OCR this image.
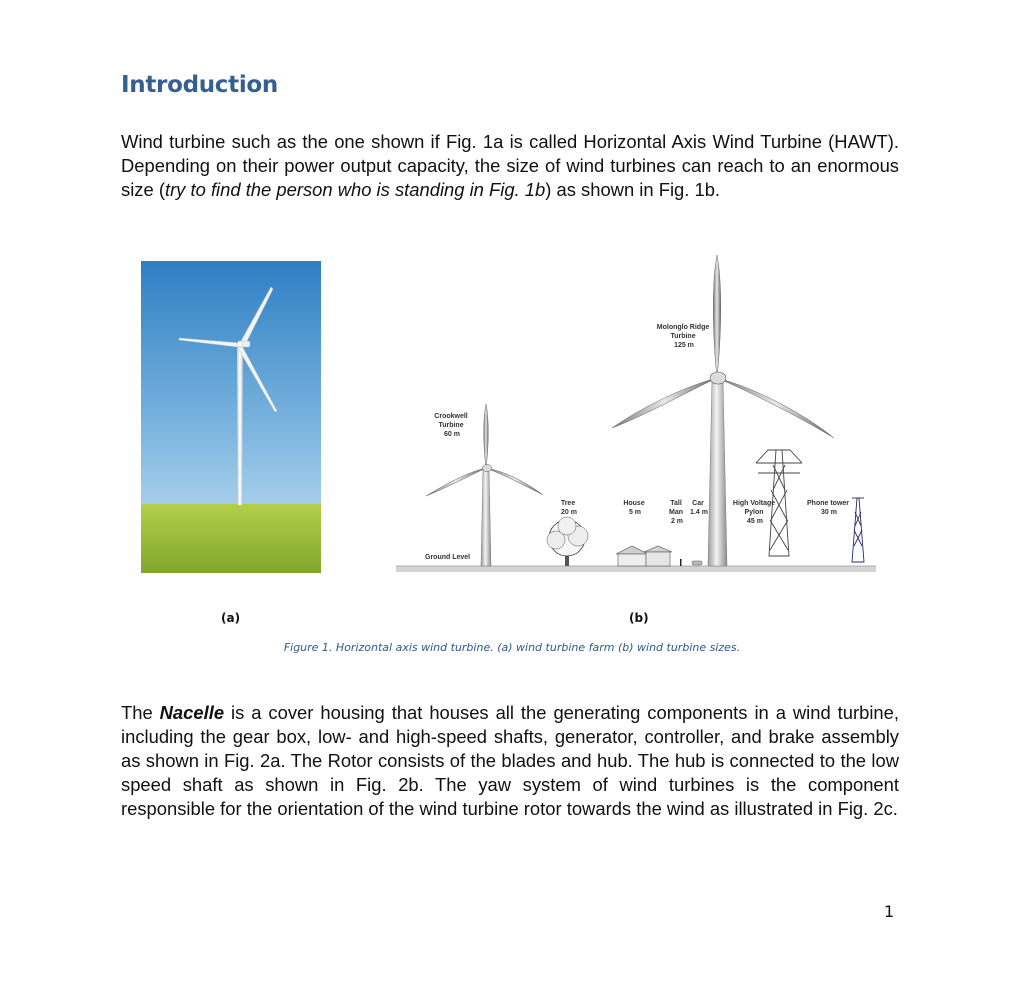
Introduction
Wind turbine such as the one shown if Fig. 1a is called Horizontal Axis Wind Turbine (HAWT). Depending on their power output capacity, the size of wind turbines can reach to an enormous size (try to find the person who is standing in Fig. 1b) as shown in Fig. 1b.
Molonglo Ridge Turbine 125 m
Crookwell Turbine 60 m
Tree 20 m
House 5 m
Tall Man 2 m
Car 1.4 m
High Voltage Pylon 45 m
Phone tower 30 m
Ground Level
(a)	(b)
Figure 1. Horizontal axis wind turbine. (a) wind turbine farm (b) wind turbine sizes.
The Nacelle is a cover housing that houses all the generating components in a wind turbine, including the gear box, low- and high-speed shafts, generator, controller, and brake assembly as shown in Fig. 2a. The Rotor consists of the blades and hub. The hub is connected to the low speed shaft as shown in Fig. 2b. The yaw system of wind turbines is the component responsible for the orientation of the wind turbine rotor towards the wind as illustrated in Fig. 2c.
1
